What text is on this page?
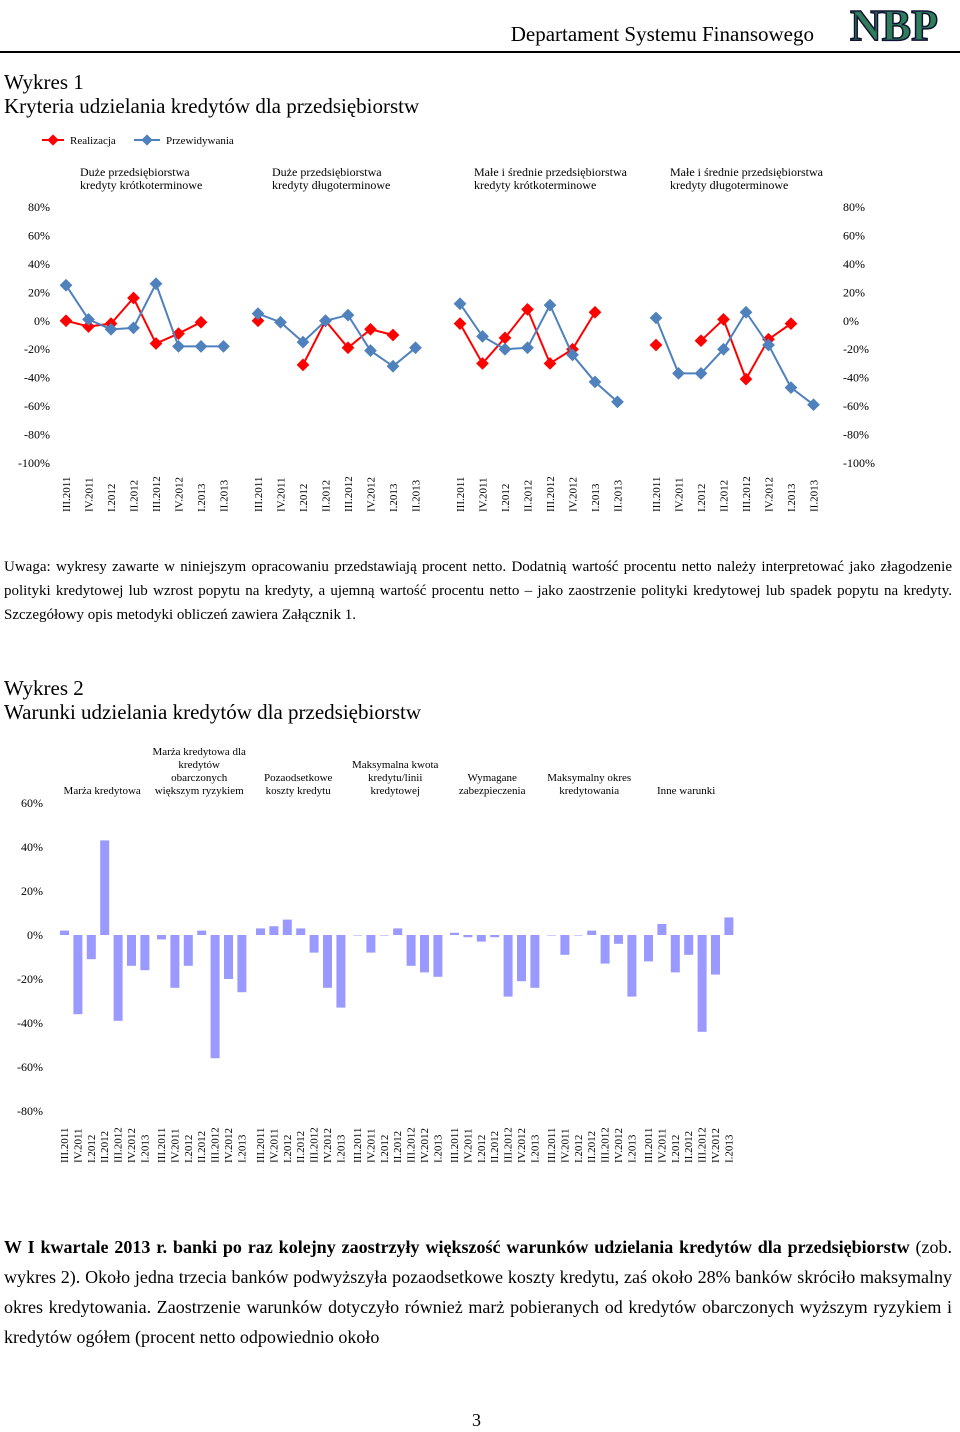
Departament Systemu Finansowego NBP
Wykres 1
Kryteria udzielania kredytów dla przedsiębiorstw
Realizacja	Przewidywania
80%	80%
60%	60%
40%	40%
20%	20%
0%	0%
-20%	-20%
-40%	-40%
-60%	-60%
-80%	-80%
-100%	-100%
Duże przedsiębiorstwa
kredyty krótkoterminowe
III.2011 IV.2011 I.2012 II.2012 III.2012 IV.2012 I.2013 II.2013
Duże przedsiębiorstwa
kredyty długoterminowe
III.2011 IV.2011 I.2012 II.2012 III.2012 IV.2012 I.2013 II.2013
Małe i średnie przedsiębiorstwa
kredyty krótkoterminowe
III.2011 IV.2011 I.2012 II.2012 III.2012 IV.2012 I.2013 II.2013
Małe i średnie przedsiębiorstwa
kredyty długoterminowe
III.2011 IV.2011 I.2012 II.2012 III.2012 IV.2012 I.2013 II.2013
Uwaga: wykresy zawarte w niniejszym opracowaniu przedstawiają procent netto. Dodatnią wartość procentu netto należy interpretować jako złagodzenie polityki kredytowej lub wzrost popytu na kredyty, a ujemną wartość procentu netto – jako zaostrzenie polityki kredytowej lub spadek popytu na kredyty. Szczegółowy opis metodyki obliczeń zawiera Załącznik 1.
Wykres 2
Warunki udzielania kredytów dla przedsiębiorstw
60%
40%
20%
0%
-20%
-40%
-60%
-80%
Marża kredytowa
III.2011 IV.2011 I.2012 II.2012 III.2012 IV.2012 I.2013
Marża kredytowa dla
kredytów
obarczonych
większym ryzykiem
III.2011 IV.2011 I.2012 II.2012 III.2012 IV.2012 I.2013
Pozaodsetkowe
koszty kredytu
III.2011 IV.2011 I.2012 II.2012 III.2012 IV.2012 I.2013
Maksymalna kwota
kredytu/linii
kredytowej
III.2011 IV.2011 I.2012 II.2012 III.2012 IV.2012 I.2013
Wymagane
zabezpieczenia
III.2011 IV.2011 I.2012 II.2012 III.2012 IV.2012 I.2013
Maksymalny okres
kredytowania
III.2011 IV.2011 I.2012 II.2012 III.2012 IV.2012 I.2013
Inne warunki
III.2011 IV.2011 I.2012 II.2012 III.2012 IV.2012 I.2013
W I kwartale 2013 r. banki po raz kolejny zaostrzyły większość warunków udzielania kredytów dla przedsiębiorstw (zob. wykres 2). Około jedna trzecia banków podwyższyła pozaodsetkowe koszty kredytu, zaś około 28% banków skróciło maksymalny okres kredytowania. Zaostrzenie warunków dotyczyło również marż pobieranych od kredytów obarczonych wyższym ryzykiem i kredytów ogółem (procent netto odpowiednio około
3
